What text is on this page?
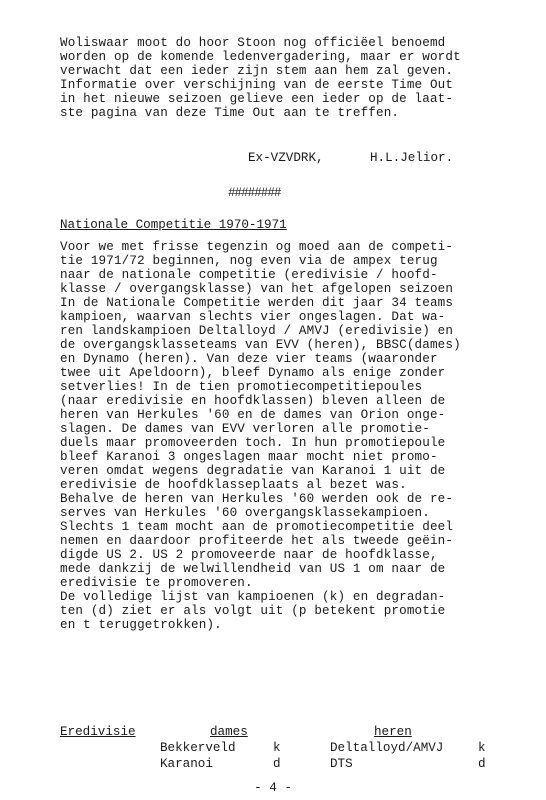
Woliswaar moot do hoor Stoon nog officiëel benoemd
worden op de komende ledenvergadering, maar er wordt
verwacht dat een ieder zijn stem aan hem zal geven.
Informatie over verschijning van de eerste Time Out
in het nieuwe seizoen gelieve een ieder op de laat-
ste pagina van deze Time Out aan te treffen.
Ex-VZVDRK,	H.L.Jelior.
########
Nationale Competitie 1970-1971
Voor we met frisse tegenzin og moed aan de competi-
tie 1971/72 beginnen, nog even via de ampex terug
naar de nationale competitie (eredivisie / hoofd-
klasse / overgangsklasse) van het afgelopen seizoen
In de Nationale Competitie werden dit jaar 34 teams
kampioen, waarvan slechts vier ongeslagen. Dat wa-
ren landskampioen Deltalloyd / AMVJ (eredivisie) en
de overgangsklasseteams van EVV (heren), BBSC(dames)
en Dynamo (heren). Van deze vier teams (waaronder
twee uit Apeldoorn), bleef Dynamo als enige zonder
setverlies! In de tien promotiecompetitiepoules
(naar eredivisie en hoofdklassen) bleven alleen de
heren van Herkules '60 en de dames van Orion onge-
slagen. De dames van EVV verloren alle promotie-
duels maar promoveerden toch. In hun promotiepoule
bleef Karanoi 3 ongeslagen maar mocht niet promo-
veren omdat wegens degradatie van Karanoi 1 uit de
eredivisie de hoofdklasseplaats al bezet was.
Behalve de heren van Herkules '60 werden ook de re-
serves van Herkules '60 overgangsklassekampioen.
Slechts 1 team mocht aan de promotiecompetitie deel
nemen en daardoor profiteerde het als tweede geëin-
digde US 2. US 2 promoveerde naar de hoofdklasse,
mede dankzij de welwillendheid van US 1 om naar de
eredivisie te promoveren.
De volledige lijst van kampioenen (k) en degradan-
ten (d) ziet er als volgt uit (p betekent promotie
en t teruggetrokken).
Eredivisie	dames	heren
Bekkerveld	k	Deltalloyd/AMVJ	k
Karanoi	d	DTS	d
- 4 -
